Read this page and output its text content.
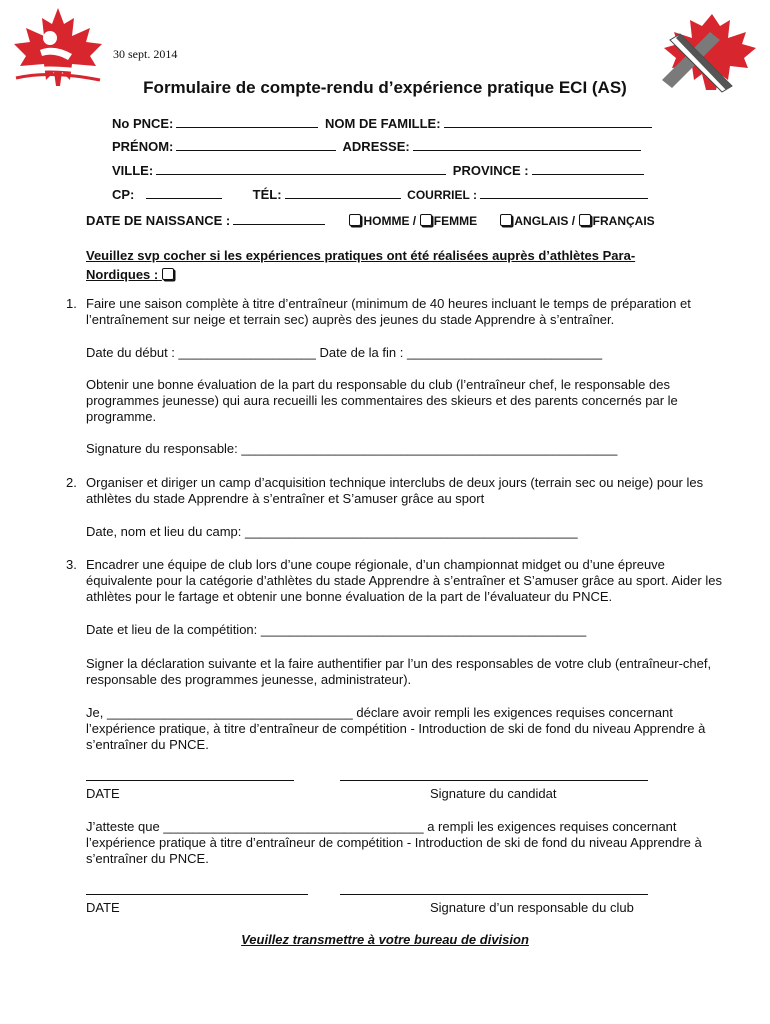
30 sept. 2014
Formulaire de compte-rendu d’expérience pratique ECI (AS)
No PNCE:	NOM DE FAMILLE:
PRÉNOM:	ADRESSE:
VILLE:	PROVINCE :
CP:	TÉL:	COURRIEL :
DATE DE NAISSANCE :	HOMME / FEMME	ANGLAIS / FRANÇAIS
Veuillez svp cocher si les expériences pratiques ont été réalisées auprès d’athlètes Para-Nordiques :
1. Faire une saison complète à titre d’entraîneur (minimum de 40 heures incluant le temps de préparation et l’entraînement sur neige et terrain sec) auprès des jeunes du stade Apprendre à s’entraîner.
Date du début : ___________________ Date de la fin : ___________________________
Obtenir une bonne évaluation de la part du responsable du club (l’entraîneur chef, le responsable des programmes jeunesse) qui aura recueilli les commentaires des skieurs et des parents concernés par le programme.
Signature du responsable: ____________________________________________________
2. Organiser et diriger un camp d’acquisition technique interclubs de deux jours (terrain sec ou neige) pour les athlètes du stade Apprendre à s’entraîner et S’amuser grâce au sport
Date, nom et lieu du camp: ______________________________________________
3. Encadrer une équipe de club lors d’une coupe régionale, d’un championnat midget ou d’une épreuve équivalente pour la catégorie d’athlètes du stade Apprendre à s’entraîner et S’amuser grâce au sport. Aider les athlètes pour le fartage et obtenir une bonne évaluation de la part de l’évaluateur du PNCE.
Date et lieu de la compétition: _____________________________________________
Signer la déclaration suivante et la faire authentifier par l’un des responsables de votre club (entraîneur-chef, responsable des programmes jeunesse, administrateur).
Je, __________________________________ déclare avoir rempli les exigences requises concernant l’expérience pratique, à titre d’entraîneur de compétition - Introduction de ski de fond du niveau Apprendre à s’entraîner du PNCE.
DATE	Signature du candidat
J’atteste que ____________________________________ a rempli les exigences requises concernant l’expérience pratique à titre d’entraîneur de compétition - Introduction de ski de fond du niveau Apprendre à s’entraîner du PNCE.
DATE	Signature d’un responsable du club
Veuillez transmettre à votre bureau de division
